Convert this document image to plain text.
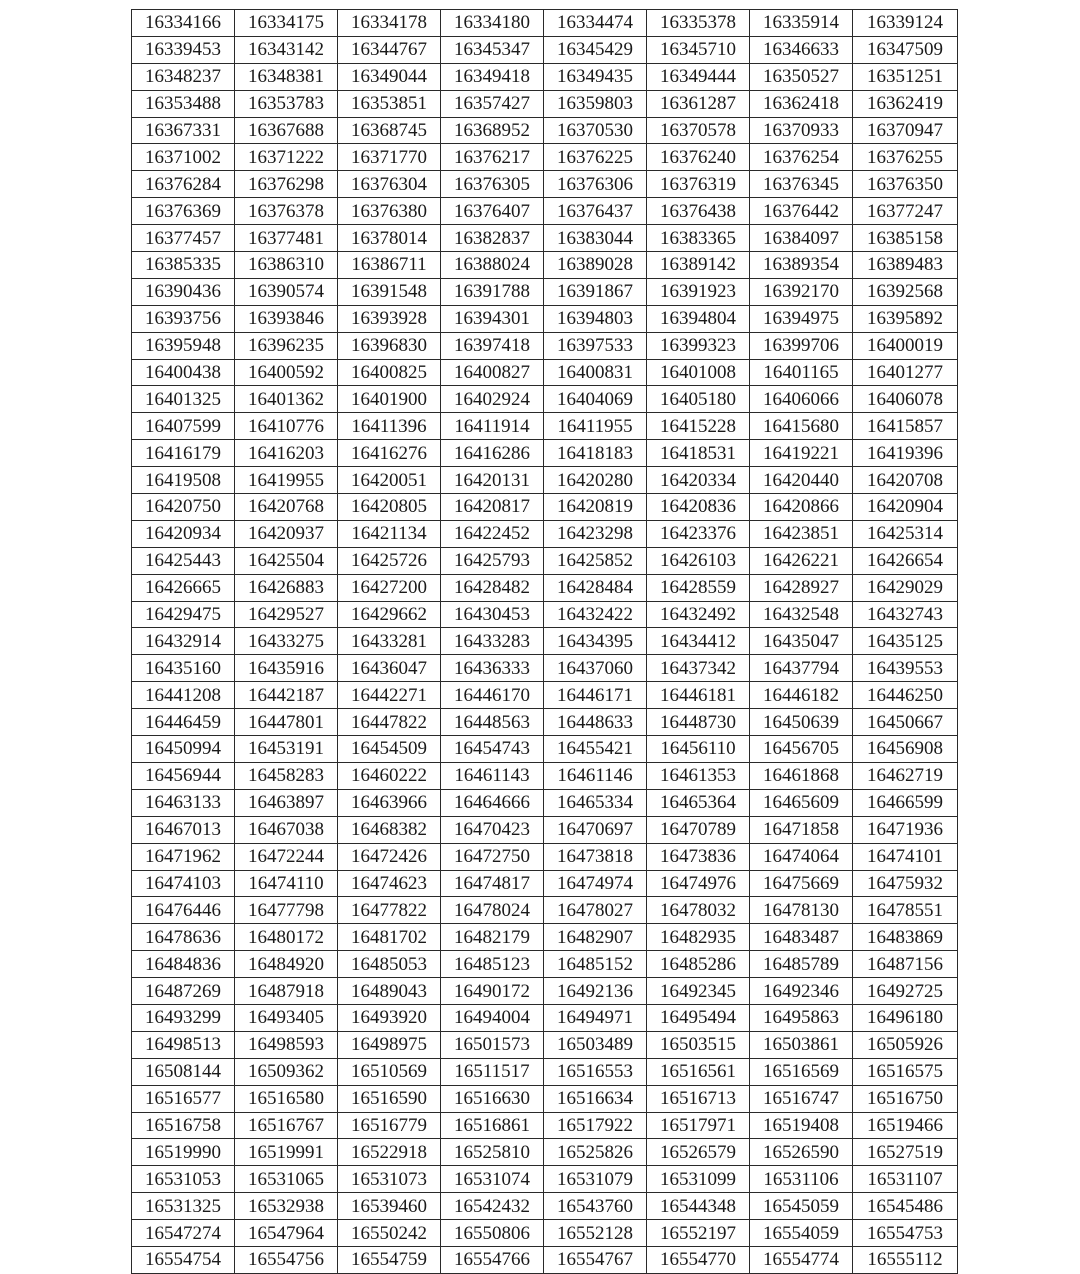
16334166	16334175	16334178	16334180	16334474	16335378	16335914	16339124
16339453	16343142	16344767	16345347	16345429	16345710	16346633	16347509
16348237	16348381	16349044	16349418	16349435	16349444	16350527	16351251
16353488	16353783	16353851	16357427	16359803	16361287	16362418	16362419
16367331	16367688	16368745	16368952	16370530	16370578	16370933	16370947
16371002	16371222	16371770	16376217	16376225	16376240	16376254	16376255
16376284	16376298	16376304	16376305	16376306	16376319	16376345	16376350
16376369	16376378	16376380	16376407	16376437	16376438	16376442	16377247
16377457	16377481	16378014	16382837	16383044	16383365	16384097	16385158
16385335	16386310	16386711	16388024	16389028	16389142	16389354	16389483
16390436	16390574	16391548	16391788	16391867	16391923	16392170	16392568
16393756	16393846	16393928	16394301	16394803	16394804	16394975	16395892
16395948	16396235	16396830	16397418	16397533	16399323	16399706	16400019
16400438	16400592	16400825	16400827	16400831	16401008	16401165	16401277
16401325	16401362	16401900	16402924	16404069	16405180	16406066	16406078
16407599	16410776	16411396	16411914	16411955	16415228	16415680	16415857
16416179	16416203	16416276	16416286	16418183	16418531	16419221	16419396
16419508	16419955	16420051	16420131	16420280	16420334	16420440	16420708
16420750	16420768	16420805	16420817	16420819	16420836	16420866	16420904
16420934	16420937	16421134	16422452	16423298	16423376	16423851	16425314
16425443	16425504	16425726	16425793	16425852	16426103	16426221	16426654
16426665	16426883	16427200	16428482	16428484	16428559	16428927	16429029
16429475	16429527	16429662	16430453	16432422	16432492	16432548	16432743
16432914	16433275	16433281	16433283	16434395	16434412	16435047	16435125
16435160	16435916	16436047	16436333	16437060	16437342	16437794	16439553
16441208	16442187	16442271	16446170	16446171	16446181	16446182	16446250
16446459	16447801	16447822	16448563	16448633	16448730	16450639	16450667
16450994	16453191	16454509	16454743	16455421	16456110	16456705	16456908
16456944	16458283	16460222	16461143	16461146	16461353	16461868	16462719
16463133	16463897	16463966	16464666	16465334	16465364	16465609	16466599
16467013	16467038	16468382	16470423	16470697	16470789	16471858	16471936
16471962	16472244	16472426	16472750	16473818	16473836	16474064	16474101
16474103	16474110	16474623	16474817	16474974	16474976	16475669	16475932
16476446	16477798	16477822	16478024	16478027	16478032	16478130	16478551
16478636	16480172	16481702	16482179	16482907	16482935	16483487	16483869
16484836	16484920	16485053	16485123	16485152	16485286	16485789	16487156
16487269	16487918	16489043	16490172	16492136	16492345	16492346	16492725
16493299	16493405	16493920	16494004	16494971	16495494	16495863	16496180
16498513	16498593	16498975	16501573	16503489	16503515	16503861	16505926
16508144	16509362	16510569	16511517	16516553	16516561	16516569	16516575
16516577	16516580	16516590	16516630	16516634	16516713	16516747	16516750
16516758	16516767	16516779	16516861	16517922	16517971	16519408	16519466
16519990	16519991	16522918	16525810	16525826	16526579	16526590	16527519
16531053	16531065	16531073	16531074	16531079	16531099	16531106	16531107
16531325	16532938	16539460	16542432	16543760	16544348	16545059	16545486
16547274	16547964	16550242	16550806	16552128	16552197	16554059	16554753
16554754	16554756	16554759	16554766	16554767	16554770	16554774	16555112
